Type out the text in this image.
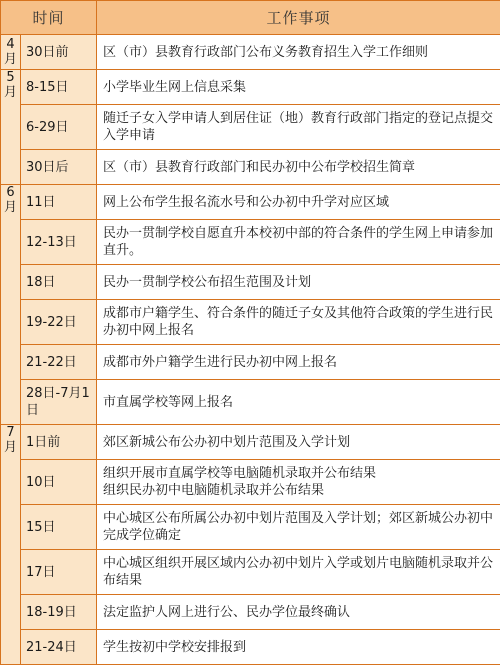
时间		工作事项
4月	30日前	区（市）县教育行政部门公布义务教育招生入学工作细则
5月	8-15日	小学毕业生网上信息采集
	6-29日	随迁子女入学申请人到居住证（地）教育行政部门指定的登记点提交入学申请
	30日后	区（市）县教育行政部门和民办初中公布学校招生简章
6月	11日	网上公布学生报名流水号和公办初中升学对应区域
	12-13日	民办一贯制学校自愿直升本校初中部的符合条件的学生网上申请参加直升。
	18日	民办一贯制学校公布招生范围及计划
	19-22日	成都市户籍学生、符合条件的随迁子女及其他符合政策的学生进行民办初中网上报名
	21-22日	成都市外户籍学生进行民办初中网上报名
	28日-7月1日	市直属学校等网上报名
7月	1日前	郊区新城公布公办初中划片范围及入学计划
	10日	组织开展市直属学校等电脑随机录取并公布结果
组织民办初中电脑随机录取并公布结果
	15日	中心城区公布所属公办初中划片范围及入学计划；郊区新城公办初中完成学位确定
	17日	中心城区组织开展区域内公办初中划片入学或划片电脑随机录取并公布结果
	18-19日	法定监护人网上进行公、民办学位最终确认
	21-24日	学生按初中学校安排报到
